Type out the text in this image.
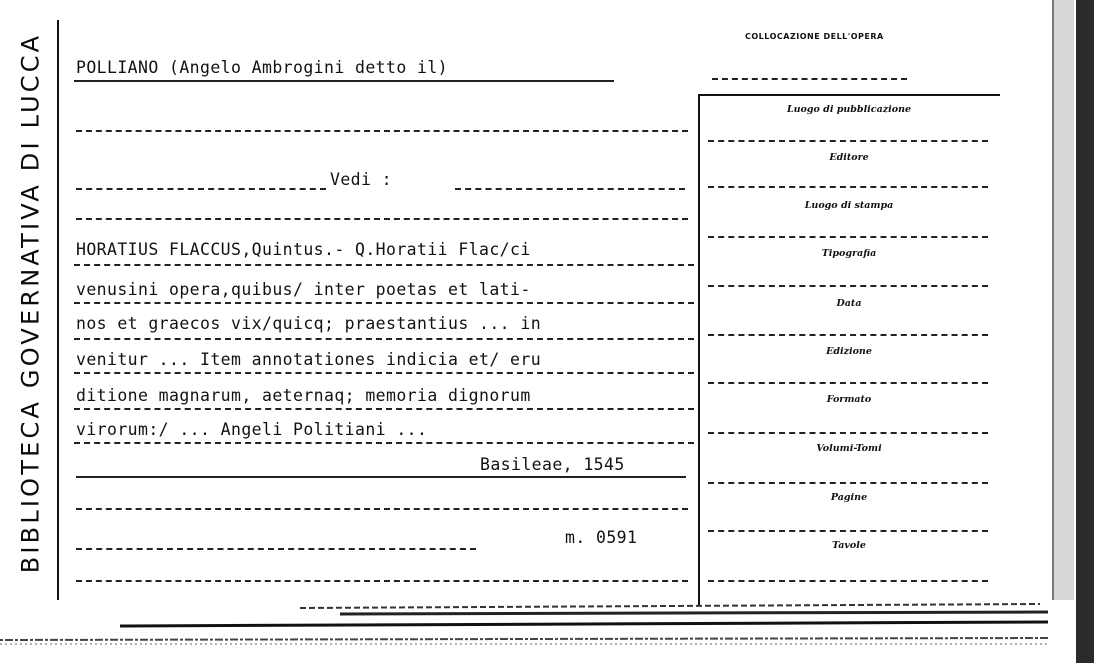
BIBLIOTECA GOVERNATIVA DI LUCCA POLLIANO (Angelo Ambrogini detto il)
Vedi :
HORATIUS FLACCUS,Quintus.- Q.Horatii Flac/ci
venusini opera,quibus/ inter poetas et lati-
nos et graecos vix/quicq; praestantius ... in
venitur ... Item annotationes indicia et/ eru
ditione magnarum, aeternaq; memoria dignorum
virorum:/ ... Angeli Politiani ...
Basileae, 1545
m. 0591
COLLOCAZIONE DELL'OPERA
Luogo di pubblicazione
Editore
Luogo di stampa
Tipografia
Data
Edizione
Formato
Volumi-Tomi
Pagine
Tavole
